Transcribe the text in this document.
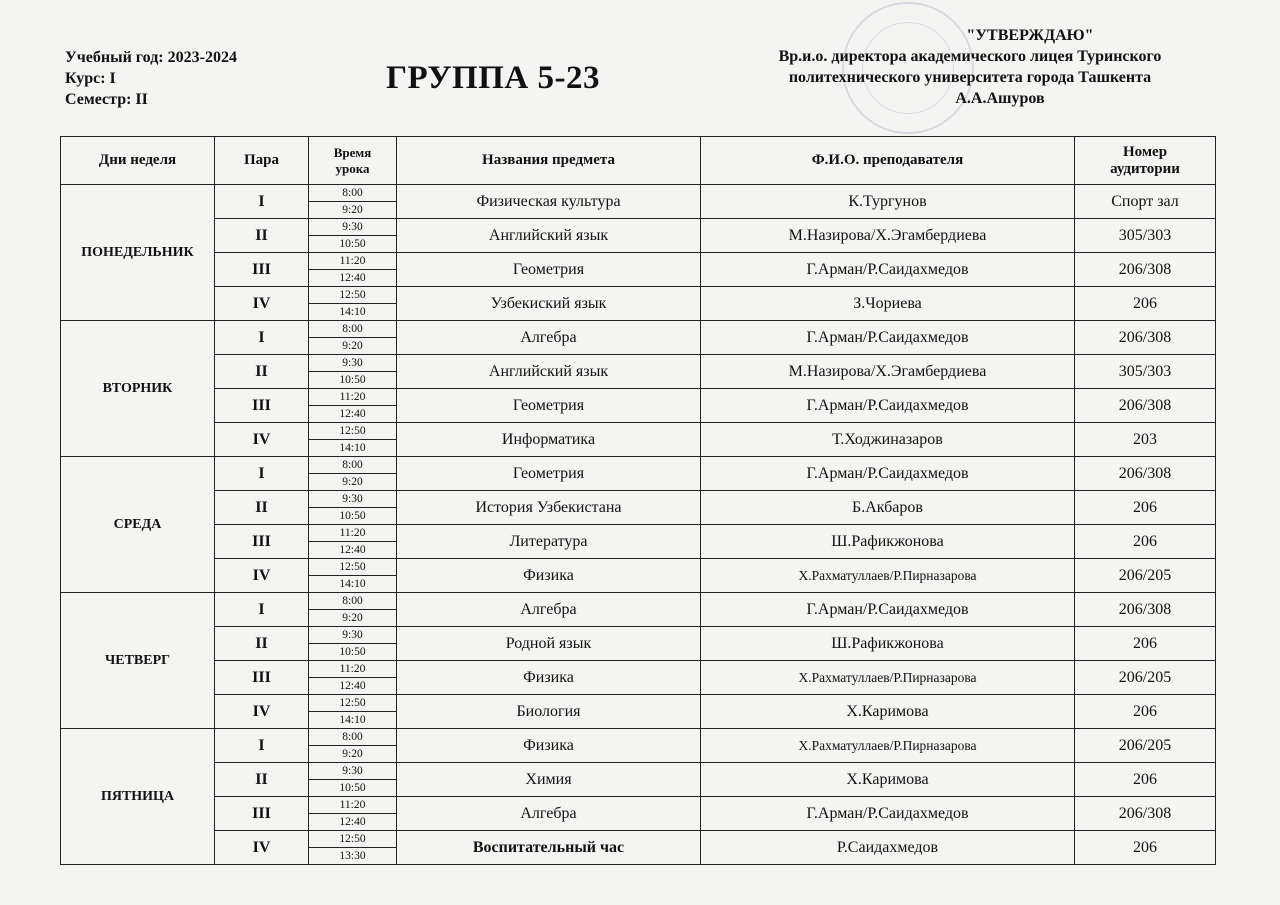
Учебный год: 2023-2024
Курс: I
Семестр: II
ГРУППА 5-23
"УТВЕРЖДАЮ"
Вр.и.о. директора академического лицея Туринского
политехнического университета города Ташкента
А.А.Ашуров
Дни неделя	Пара	Время урока	Названия предмета	Ф.И.О. преподавателя	Номер аудитории
ПОНЕДЕЛЬНИК	I	8:00	Физическая культура	К.Тургунов	Спорт зал
		9:20			
	II	9:30	Английский язык	М.Назирова/Х.Эгамбердиева	305/303
		10:50			
	III	11:20	Геометрия	Г.Арман/Р.Саидахмедов	206/308
		12:40			
	IV	12:50	Узбекиский язык	З.Чориева	206
		14:10			
ВТОРНИК	I	8:00	Алгебра	Г.Арман/Р.Саидахмедов	206/308
		9:20			
	II	9:30	Английский язык	М.Назирова/Х.Эгамбердиева	305/303
		10:50			
	III	11:20	Геометрия	Г.Арман/Р.Саидахмедов	206/308
		12:40			
	IV	12:50	Информатика	Т.Ходжиназаров	203
		14:10			
СРЕДА	I	8:00	Геометрия	Г.Арман/Р.Саидахмедов	206/308
		9:20			
	II	9:30	История Узбекистана	Б.Акбаров	206
		10:50			
	III	11:20	Литература	Ш.Рафикжонова	206
		12:40			
	IV	12:50	Физика	Х.Рахматуллаев/Р.Пирназарова	206/205
		14:10			
ЧЕТВЕРГ	I	8:00	Алгебра	Г.Арман/Р.Саидахмедов	206/308
		9:20			
	II	9:30	Родной язык	Ш.Рафикжонова	206
		10:50			
	III	11:20	Физика	Х.Рахматуллаев/Р.Пирназарова	206/205
		12:40			
	IV	12:50	Биология	Х.Каримова	206
		14:10			
ПЯТНИЦА	I	8:00	Физика	Х.Рахматуллаев/Р.Пирназарова	206/205
		9:20			
	II	9:30	Химия	Х.Каримова	206
		10:50			
	III	11:20	Алгебра	Г.Арман/Р.Саидахмедов	206/308
		12:40			
	IV	12:50	Воспитательный час	Р.Саидахмедов	206
		13:30			
